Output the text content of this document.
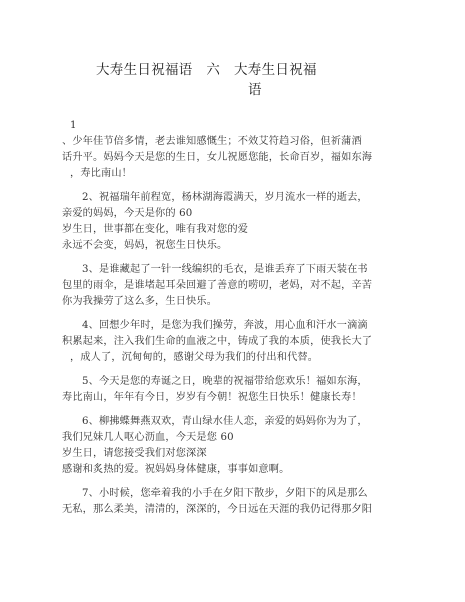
大寿生日祝福语　六　大寿生日祝福
语
1
、少年佳节倍多情，老去谁知感慨生；不效艾符趋习俗，但祈蒲酒
话升平。妈妈今天是您的生日，女儿祝愿您能，长命百岁，福如东海
，寿比南山！
2、祝福瑞年前程宽，杨林湖海霞满天，岁月流水一样的逝去，
亲爱的妈妈，今天是你的 60
岁生日，世事都在变化，唯有我对您的爱
永远不会变，妈妈，祝您生日快乐。
3、是谁藏起了一针一线编织的毛衣，是谁丢弃了下雨天装在书
包里的雨伞，是谁堵起耳朵回避了善意的唠叨，老妈，对不起，辛苦
你为我操劳了这么多，生日快乐。
4、回想少年时，是您为我们操劳，奔波，用心血和汗水一滴滴
积累起来，注入我们生命的血液之中，铸成了我的本质，使我长大了
，成人了，沉甸甸的，感谢父母为我们的付出和代替。
5、今天是您的寿诞之日，晚辈的祝福带给您欢乐！福如东海，
寿比南山，年年有今日，岁岁有今朝！祝您生日快乐！健康长寿！
6、柳拂蝶舞燕双欢，青山绿水佳人恋，亲爱的妈妈你为为了，
我们兄妹几人呕心沥血，今天是您 60
岁生日，请您接受我们对您深深
感谢和炙热的爱。祝妈妈身体健康，事事如意啊。
7、小时候，您牵着我的小手在夕阳下散步，夕阳下的风是那么
无私，那么柔美，清清的，深深的，今日远在天涯的我仍记得那夕阳
